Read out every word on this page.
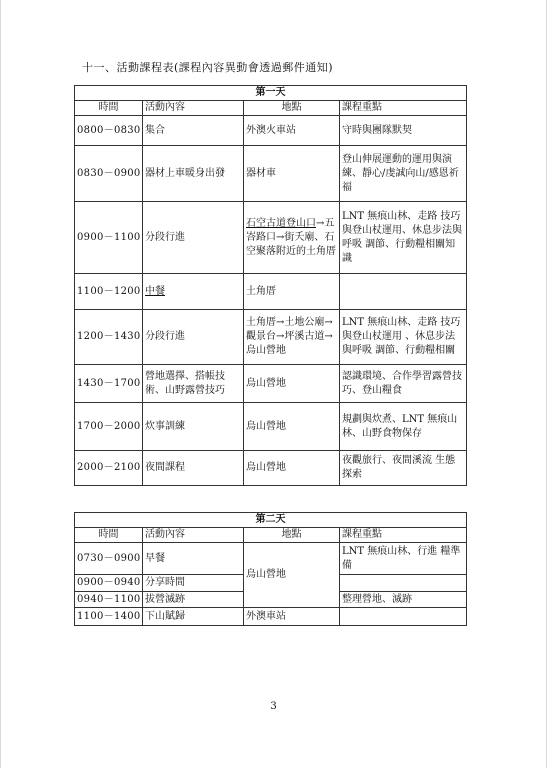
十一、活動課程表(課程內容異動會透過郵件通知)
第一天			
時間	活動內容	地點	課程重點
0800－0830	集合	外澳火車站	守時與團隊默契
0830－0900	器材上車暖身出發	器材車	登山伸展運動的運用與演練、靜心/虔誠向山/感恩祈福
0900－1100	分段行進	石空古道登山口→五峇路口→街夭廟、石空聚落附近的土角厝	LNT 無痕山林、走路 技巧與登山杖運用、休息步法與呼吸 調節、行動糧相關知識
1100－1200	中餐	土角厝	
1200－1430	分段行進	土角厝→土地公廟→觀景台→坪溪古道→烏山營地	LNT 無痕山林、走路 技巧與登山杖運用 、休息步法與呼吸 調節、行動糧相關
1430－1700	營地選擇、搭帳技術、山野露營技巧	烏山營地	認識環境、合作學習露營技巧、登山糧食
1700－2000	炊事訓練	烏山營地	規劃與炊煮、LNT 無痕山林、山野食物保存
2000－2100	夜間課程	烏山營地	夜觀旅行、夜間溪流 生態探索
第二天			
時間	活動內容	地點	課程重點
0730－0900	早餐	烏山營地	LNT 無痕山林、行進 糧準備
0900－0940	分享時間		
0940－1100	拔營滅跡		整理營地、滅跡
1100－1400	下山賦歸	外澳車站	
3
